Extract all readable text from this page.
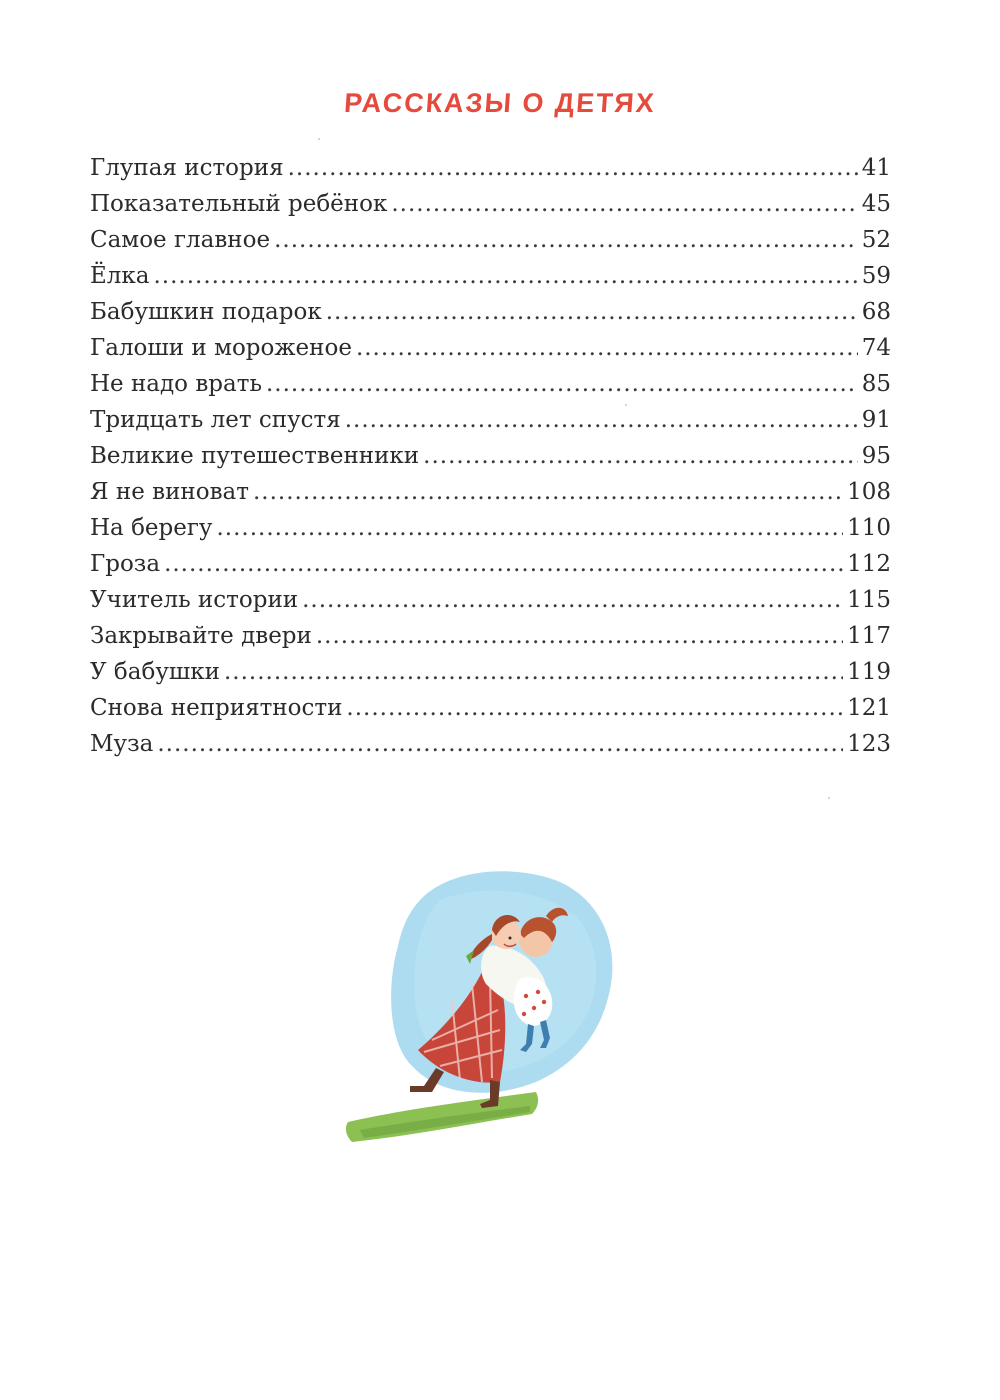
РАССКАЗЫ О ДЕТЯХ
Глупая история .....	41
Показательный ребёнок .....	45
Самое главное .....	52
Ёлка .....	59
Бабушкин подарок .....	68
Галоши и мороженое .....	74
Не надо врать .....	85
Тридцать лет спустя .....	91
Великие путешественники .....	95
Я не виноват .....	108
На берегу .....	110
Гроза .....	112
Учитель истории .....	115
Закрывайте двери .....	117
У бабушки .....	119
Снова неприятности .....	121
Муза .....	123
